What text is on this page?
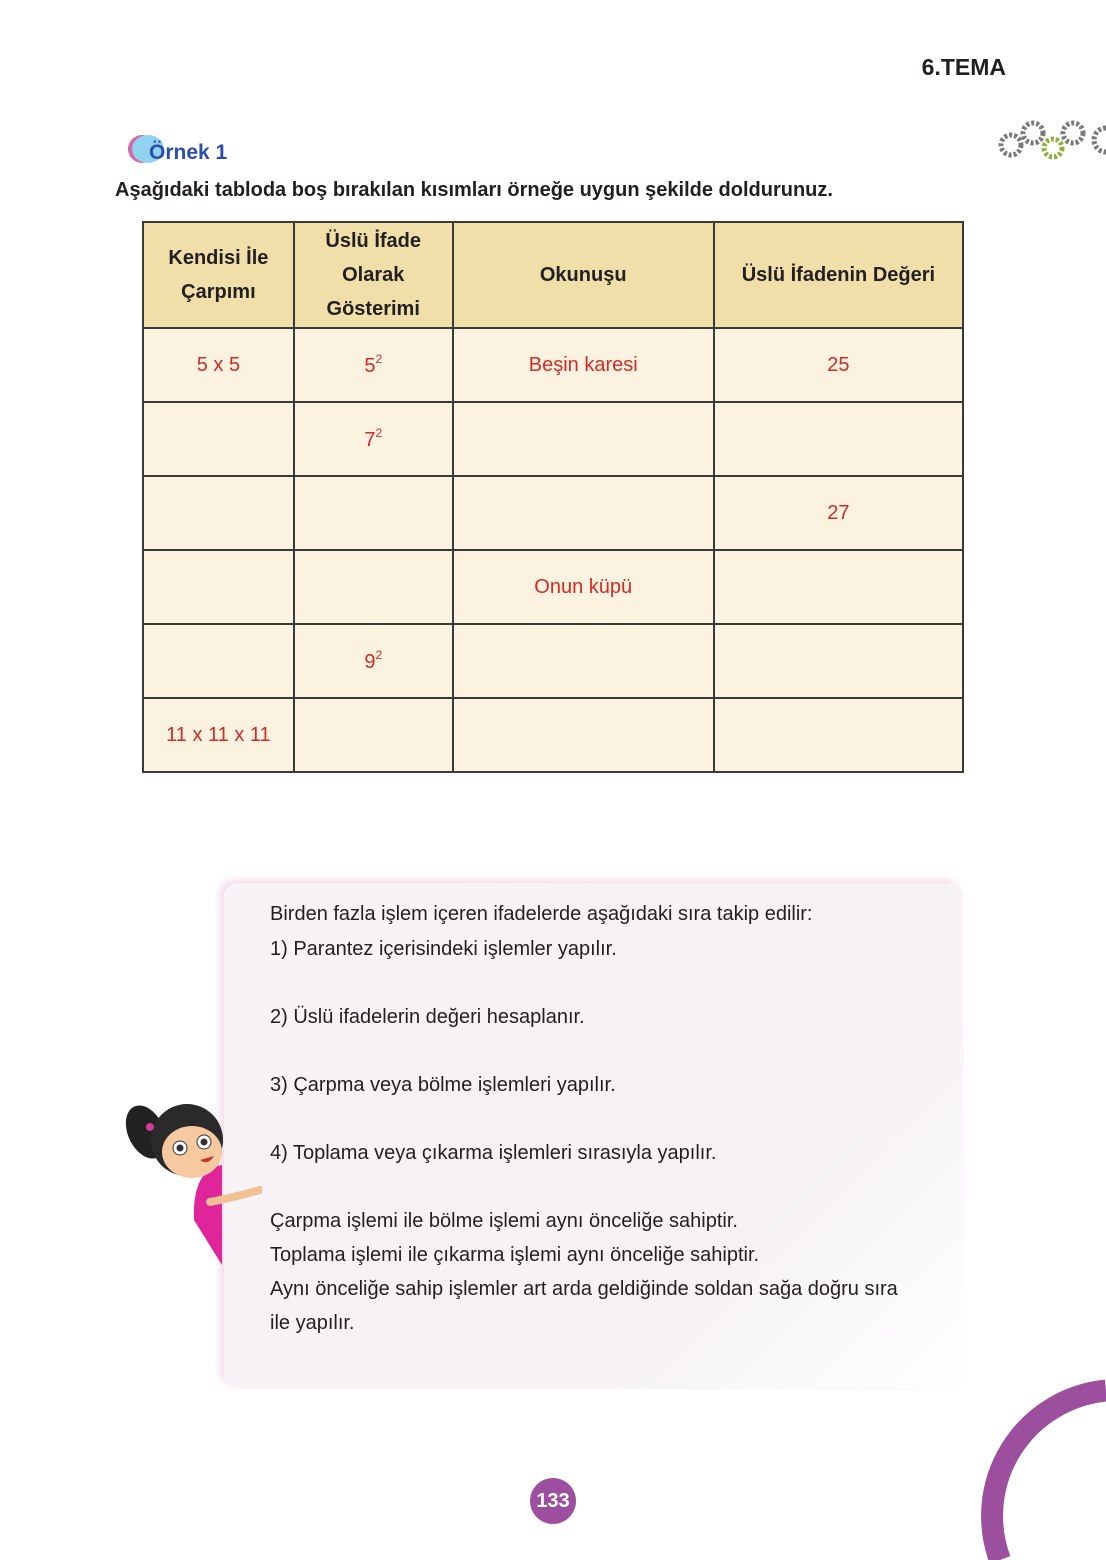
6.TEMA
Örnek 1
Aşağıdaki tabloda boş bırakılan kısımları örneğe uygun şekilde doldurunuz.
Kendisi İle Çarpımı	Üslü İfade Olarak Gösterimi	Okunuşu	Üslü İfadenin Değeri
5 x 5	$5^2$	Beşin karesi	25
	$7^2$		
			27
		Onun küpü	
	$9^2$		
11 x 11 x 11			
Birden fazla işlem içeren ifadelerde aşağıdaki sıra takip edilir:
1) Parantez içerisindeki işlemler yapılır.
2) Üslü ifadelerin değeri hesaplanır.
3) Çarpma veya bölme işlemleri yapılır.
4) Toplama veya çıkarma işlemleri sırasıyla yapılır.
Çarpma işlemi ile bölme işlemi aynı önceliğe sahiptir.
Toplama işlemi ile çıkarma işlemi aynı önceliğe sahiptir.
Aynı önceliğe sahip işlemler art arda geldiğinde soldan sağa doğru sıra
ile yapılır.
133
